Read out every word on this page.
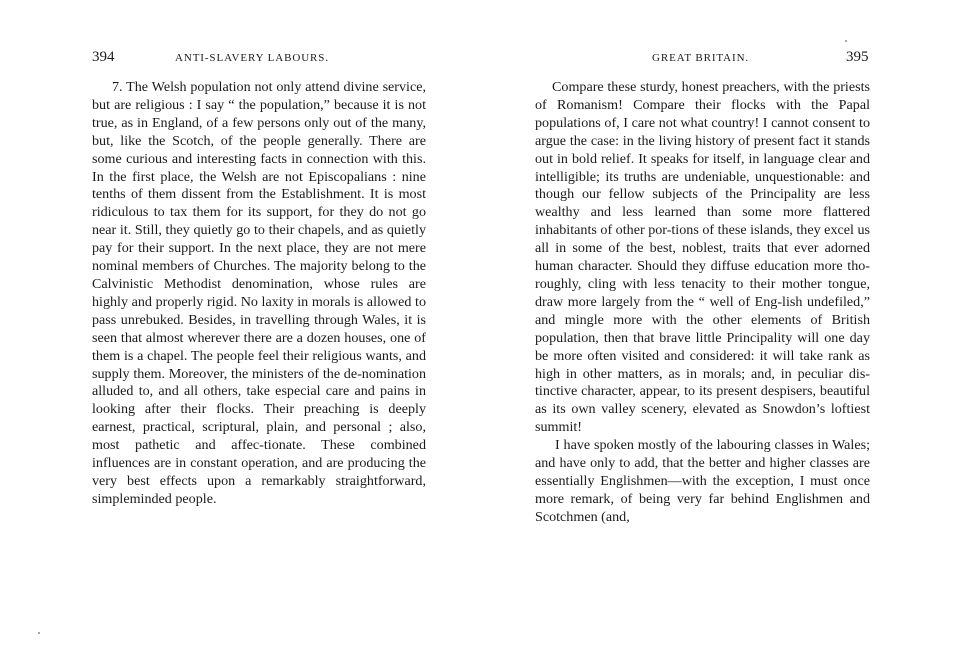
394	ANTI-SLAVERY LABOURS.

7. The Welsh population not only attend divine service, but are religious : I say “ the population,” because it is not true, as in England, of a few persons only out of the many, but, like the Scotch, of the people generally. There are some curious and interesting facts in connection with this. In the first place, the Welsh are not Episcopalians : nine tenths of them dissent from the Establishment. It is most ridiculous to tax them for its support, for they do not go near it. Still, they quietly go to their chapels, and as quietly pay for their support. In the next place, they are not mere nominal members of Churches. The majority belong to the Calvinistic Methodist denomination, whose rules are highly and properly rigid. No laxity in morals is allowed to pass unrebuked. Besides, in travelling through Wales, it is seen that almost wherever there are a dozen houses, one of them is a chapel. The people feel their religious wants, and supply them. Moreover, the ministers of the de-nomination alluded to, and all others, take especial care and pains in looking after their flocks. Their preaching is deeply earnest, practical, scriptural, plain, and personal ; also, most pathetic and affec-tionate. These combined influences are in constant operation, and are producing the very best effects upon a remarkably straightforward, simpleminded people.

395
GREAT BRITAIN.

Compare these sturdy, honest preachers, with the priests of Romanism! Compare their flocks with the Papal populations of, I care not what country! I cannot consent to argue the case: in the living history of present fact it stands out in bold relief. It speaks for itself, in language clear and intelligible; its truths are undeniable, unquestionable: and though our fellow subjects of the Principality are less wealthy and less learned than some more flattered inhabitants of other por-tions of these islands, they excel us all in some of the best, noblest, traits that ever adorned human character. Should they diffuse education more tho-roughly, cling with less tenacity to their mother tongue, draw more largely from the “ well of Eng-lish undefiled,” and mingle more with the other elements of British population, then that brave little Principality will one day be more often visited and considered: it will take rank as high in other matters, as in morals; and, in peculiar dis-tinctive character, appear, to its present despisers, beautiful as its own valley scenery, elevated as Snowdon’s loftiest summit!

I have spoken mostly of the labouring classes in Wales; and have only to add, that the better and higher classes are essentially Englishmen—with the exception, I must once more remark, of being very far behind Englishmen and Scotchmen (and,
